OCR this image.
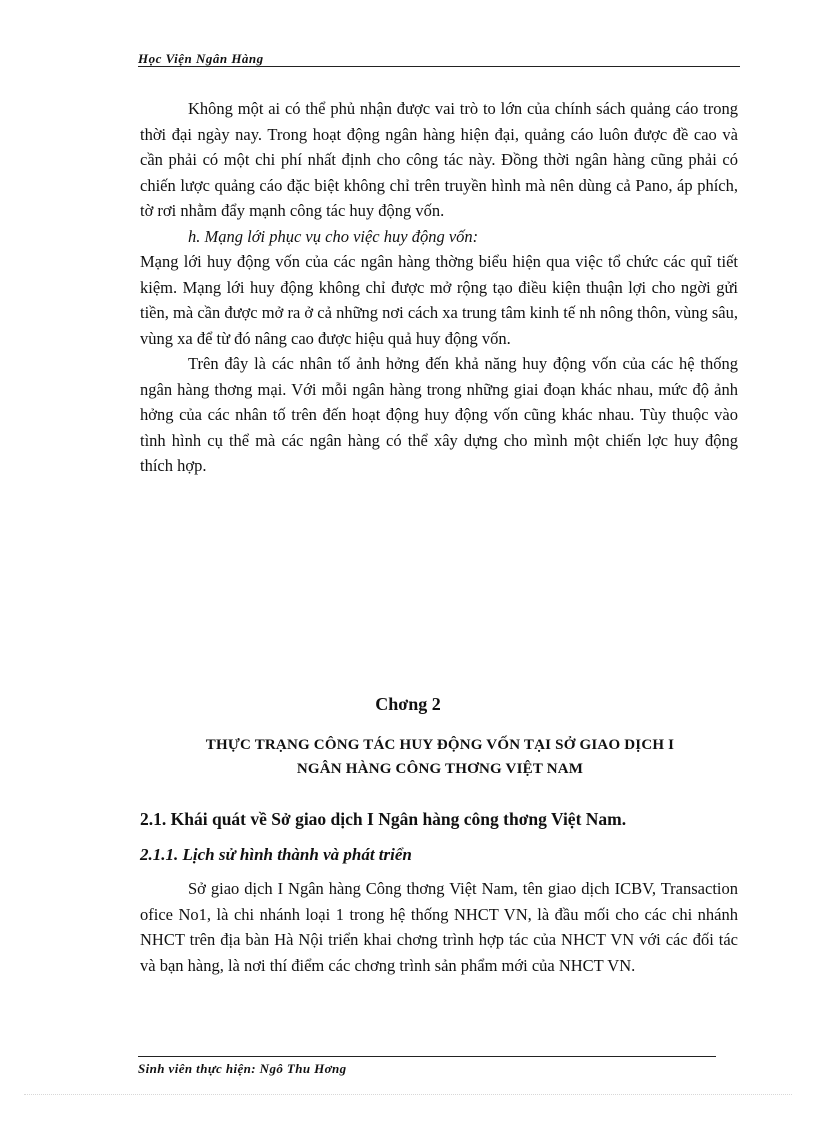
Học Viện Ngân Hàng

Không một ai có thể phủ nhận được vai trò to lớn của chính sách quảng cáo trong thời đại ngày nay. Trong hoạt động ngân hàng hiện đại, quảng cáo luôn được đề cao và cần phải có một chi phí nhất định cho công tác này. Đồng thời ngân hàng cũng phải có chiến lược quảng cáo đặc biệt không chỉ trên truyền hình mà nên dùng cả Pano, áp phích, tờ rơi nhằm đẩy mạnh công tác huy động vốn.

h. Mạng lới phục vụ cho việc huy động vốn:

Mạng lới huy động vốn của các ngân hàng thờng biểu hiện qua việc tổ chức các quĩ tiết kiệm. Mạng lới huy động không chỉ được mở rộng tạo điều kiện thuận lợi cho ngời gửi tiền, mà cần được mở ra ở cả những nơi cách xa trung tâm kinh tế nh nông thôn, vùng sâu, vùng xa để từ đó nâng cao được hiệu quả huy động vốn.

Trên đây là các nhân tố ảnh hởng đến khả năng huy động vốn của các hệ thống ngân hàng thơng mại. Với mỗi ngân hàng trong những giai đoạn khác nhau, mức độ ảnh hởng của các nhân tố trên đến hoạt động huy động vốn cũng khác nhau. Tùy thuộc vào tình hình cụ thể mà các ngân hàng có thể xây dựng cho mình một chiến lợc huy động thích hợp.

Chơng 2
THỰC TRẠNG CÔNG TÁC HUY ĐỘNG VỐN TẠI SỞ GIAO DỊCH I
NGÂN HÀNG CÔNG THƠNG VIỆT NAM
2.1. Khái quát về Sở giao dịch I Ngân hàng công thơng Việt Nam.
2.1.1. Lịch sử hình thành và phát triển

Sở giao dịch I Ngân hàng Công thơng Việt Nam, tên giao dịch ICBV, Transaction ofice No1, là chi nhánh loại 1 trong hệ thống NHCT VN, là đầu mối cho các chi nhánh NHCT trên địa bàn Hà Nội triển khai chơng trình hợp tác của NHCT VN với các đối tác và bạn hàng, là nơi thí điểm các chơng trình sản phẩm mới của NHCT VN.

Sinh viên thực hiện: Ngô Thu Hơng
